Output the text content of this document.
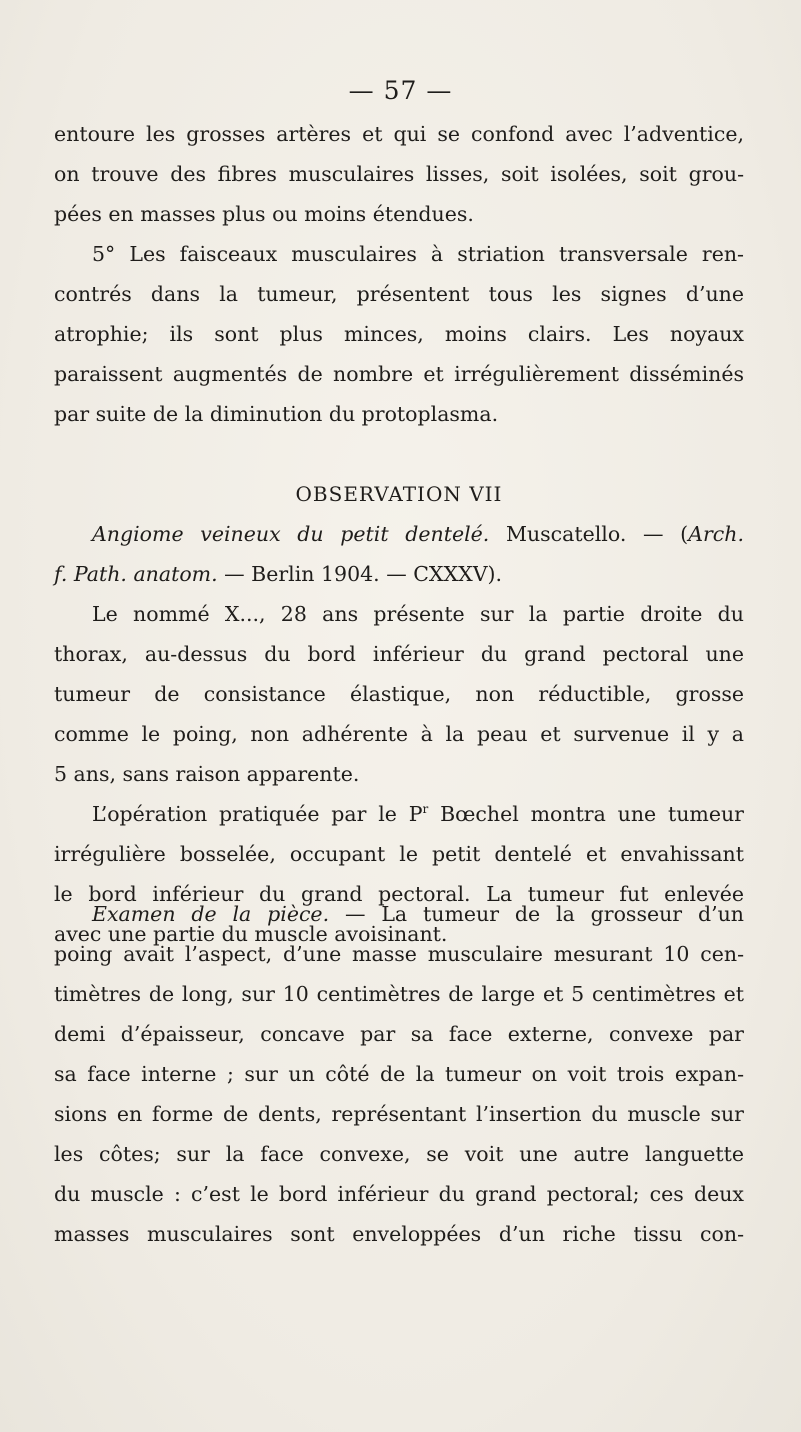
— 57 —
entoure les grosses artères et qui se confond avec l’adventice,
on trouve des fibres musculaires lisses, soit isolées, soit grou-
pées en masses plus ou moins étendues.
5° Les faisceaux musculaires à striation transversale ren-
contrés dans la tumeur, présentent tous les signes d’une
atrophie; ils sont plus minces, moins clairs. Les noyaux
paraissent augmentés de nombre et irrégulièrement disséminés
par suite de la diminution du protoplasma.
OBSERVATION VII
Angiome veineux du petit dentelé. Muscatello. — (Arch.
f. Path. anatom. — Berlin 1904. — CXXXV).
Le nommé X..., 28 ans présente sur la partie droite du
thorax, au-dessus du bord inférieur du grand pectoral une
tumeur de consistance élastique, non réductible, grosse
comme le poing, non adhérente à la peau et survenue il y a
5 ans, sans raison apparente.
L’opération pratiquée par le $P^r$ Bœchel montra une tumeur
irrégulière bosselée, occupant le petit dentelé et envahissant
le bord inférieur du grand pectoral. La tumeur fut enlevée
avec une partie du muscle avoisinant.
Examen de la pièce. — La tumeur de la grosseur d’un
poing avait l’aspect, d’une masse musculaire mesurant 10 cen-
timètres de long, sur 10 centimètres de large et 5 centimètres et
demi d’épaisseur, concave par sa face externe, convexe par
sa face interne ; sur un côté de la tumeur on voit trois expan-
sions en forme de dents, représentant l’insertion du muscle sur
les côtes; sur la face convexe, se voit une autre languette
du muscle : c’est le bord inférieur du grand pectoral; ces deux
masses musculaires sont enveloppées d’un riche tissu con-
